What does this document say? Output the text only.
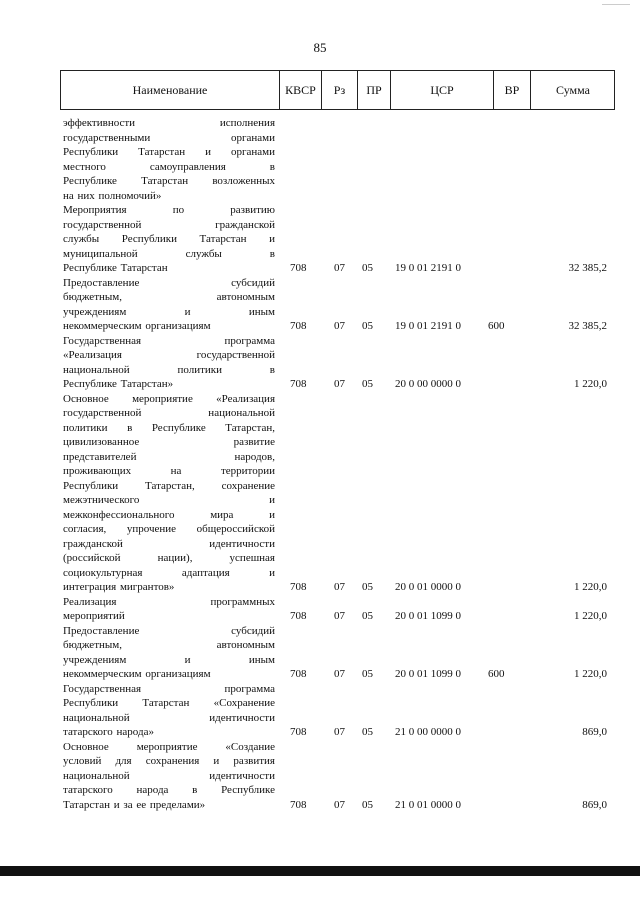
85
Наименование	КВСР	Рз	ПР	ЦСР	ВР	Сумма
эффективности исполнения
государственными органами
Республики Татарстан и органами
местного самоуправления в
Республике Татарстан возложенных
на них полномочий»
Мероприятия по развитию
государственной гражданской
службы Республики Татарстан и
муниципальной службы в
Республике Татарстан	708	07 05 19 0 01 2191 0	32 385,2
Предоставление субсидий
бюджетным, автономным
учреждениям и иным
некоммерческим организациям	708	07 05 19 0 01 2191 0 600	32 385,2
Государственная программа
«Реализация государственной
национальной политики в
Республике Татарстан»	708	07 05 20 0 00 0000 0	1 220,0
Основное мероприятие «Реализация
государственной национальной
политики в Республике Татарстан,
цивилизованное развитие
представителей народов,
проживающих на территории
Республики Татарстан, сохранение
межэтнического и
межконфессионального мира и
согласия, упрочение общероссийской
гражданской идентичности
(российской нации), успешная
социокультурная адаптация и
интеграция мигрантов»	708	07 05 20 0 01 0000 0	1 220,0
Реализация программных
мероприятий	708	07 05 20 0 01 1099 0	1 220,0
Предоставление субсидий
бюджетным, автономным
учреждениям и иным
некоммерческим организациям	708	07 05 20 0 01 1099 0 600	1 220,0
Государственная программа
Республики Татарстан «Сохранение
национальной идентичности
татарского народа»	708	07 05 21 0 00 0000 0	869,0
Основное мероприятие «Создание
условий для сохранения и развития
национальной идентичности
татарского народа в Республике
Татарстан и за ее пределами»	708	07 05 21 0 01 0000 0	869,0
